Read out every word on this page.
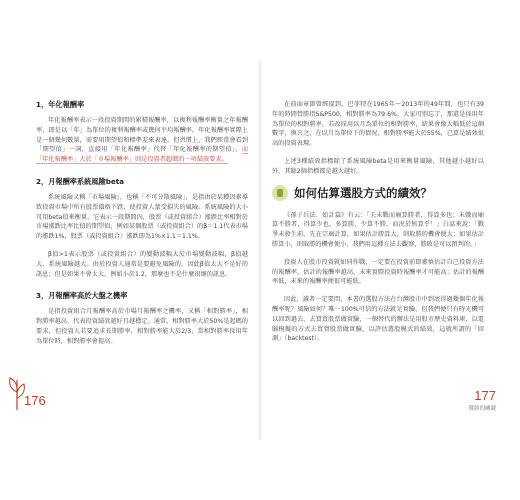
1，年化報酬率

年化報酬率表示一段投資期間的累積報酬率，以複利報酬率衡量之年報酬率，即是以「年」為單位的複利報酬率或幾何平均報酬率。年化報酬率實際上是一個幾何數量，需要用期望值和標準差來表達。但習慣上，我們經常會看到「期望值」一詞，直接用「年化報酬率」代替「年化報酬率的期望值」。而「年化報酬率」大於「市場報酬率」則是投資者超碼的一項績效要求。

2，月報酬率系統風險beta

系統風險又稱「市場風險」，也稱「不可分散風險」，是指由於某種因素導致投資市場中所有股票價格下跌，使投資人蒙受損失的風險。系統風險的大小可用beta值來衡量，它表示一段期間內，股票（或投資組合）漲跌比率相對於市場漲跌比率比值的期望值，例如某個股票（或投資組合）的β＝1.1代表市場的漲跌1%，股票（或投資組合）漲跌即為1%×1.1＝1.1%。

β值>1表示股票（或投資組合）的變動波幅大於市場變動波幅，β值越大，系統風險越大。由於投資人通常是要避免風險的，因此β值太大不是好的訊息；但是如果不會太大，例如小於1.2，那麼也不是什麼很壞的訊息。

3，月報酬率高於大盤之機率

是指投資組合月報酬率高於市場月報酬率之機率，又稱「相對勝率」，相對勝率越高，代表投資績效越好且越穩定。通常，相對勝率大於50%是起碼的要求，但投資人若要追求長期勝率，相對勝率能大於2/3，當相對勝率採用年為單位時，相對勝率會提高。

176

在前面章節曾經提到，巴菲特在1965年～2013年的49年間，也只有39年的時間營勝指S&P500，相對勝率為79.6%，大家可別忘了，那還是採用年為單位的相對勝率，若改採用以月為單位的相對勝率，結果會像大幅低於這個數字，換言之，在以月為單位下的情況，相對勝率能大於55%，已算是績效很高的投資表現。

上述3種績效指標除了系統風險beta是用來衡量風險，其他越小越好以外，其餘2個指標都是越大越好。

如何估算選股方式的績效？

《孫子兵法．始計篇》有云：「夫未戰而廟算勝者，得算多也；未戰而廟算不勝者，得算少也，多算勝，少算不勝，而況於無算乎！」白話來說：「戰爭未發生前，先在宗廟計算，如果估計勝算大，則取勝的機會便大；如果估計勝算小，則取勝的機會便小，我們用這種方法去觀察，勝敗是可以預判的。」

投資人在股市投資就如同作戰，一定要在投資前即審慎估計自己投資方法的報酬率，估計的報酬率越高，未來實際投資時報酬率才可能高；估計的報酬率低，未來的報酬率便很可能低。

因此，讀者一定要問，本書的選股方法在台灣股市中到底得過幾個年化報酬率呢？風險如何？唯一100%可信的方法就是實驗，但我們便只有時光機可以回到過去，去買買股票做實驗，一個替代的辦法是用股市歷史資料庫，以電腦模擬的方式去買賣股票做實驗，以評估選股模式的績效，這就所謂的「回測」（backtest）。

177
獲勝的關鍵
